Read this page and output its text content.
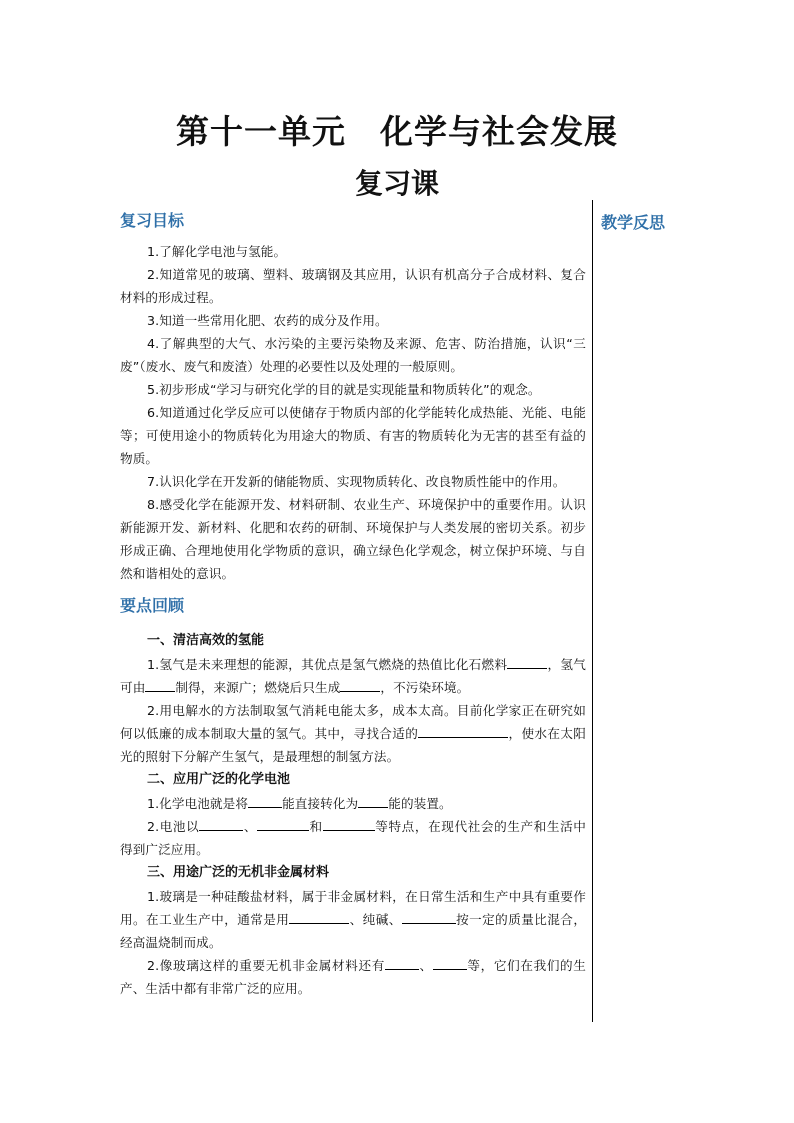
第十一单元　化学与社会发展
复习课
教学反思
复习目标

1.了解化学电池与氢能。

2.知道常见的玻璃、塑料、玻璃钢及其应用，认识有机高分子合成材料、复合材料的形成过程。

3.知道一些常用化肥、农药的成分及作用。

4.了解典型的大气、水污染的主要污染物及来源、危害、防治措施，认识“三废”（废水、废气和废渣）处理的必要性以及处理的一般原则。

5.初步形成“学习与研究化学的目的就是实现能量和物质转化”的观念。

6.知道通过化学反应可以使储存于物质内部的化学能转化成热能、光能、电能等；可使用途小的物质转化为用途大的物质、有害的物质转化为无害的甚至有益的物质。

7.认识化学在开发新的储能物质、实现物质转化、改良物质性能中的作用。

8.感受化学在能源开发、材料研制、农业生产、环境保护中的重要作用。认识新能源开发、新材料、化肥和农药的研制、环境保护与人类发展的密切关系。初步形成正确、合理地使用化学物质的意识，确立绿色化学观念，树立保护环境、与自然和谐相处的意识。

要点回顾

一、清洁高效的氢能

1.氢气是未来理想的能源，其优点是氢气燃烧的热值比化石燃料	，氢气可由 制得，来源广；燃烧后只生成	，不污染环境。

2.用电解水的方法制取氢气消耗电能太多，成本太高。目前化学家正在研究如何以低廉的成本制取大量的氢气。其中，寻找合适的	，使水在太阳光的照射下分解产生氢气，是最理想的制氢方法。

二、应用广泛的化学电池

1.化学电池就是将	能直接转化为 能的装置。

2.电池以	、	和	等特点，在现代社会的生产和生活中得到广泛应用。

三、用途广泛的无机非金属材料

1.玻璃是一种硅酸盐材料，属于非金属材料，在日常生活和生产中具有重要作用。在工业生产中，通常是用	、纯碱、	按一定的质量比混合，经高温烧制而成。

2.像玻璃这样的重要无机非金属材料还有	、	等，它们在我们的生产、生活中都有非常广泛的应用。
